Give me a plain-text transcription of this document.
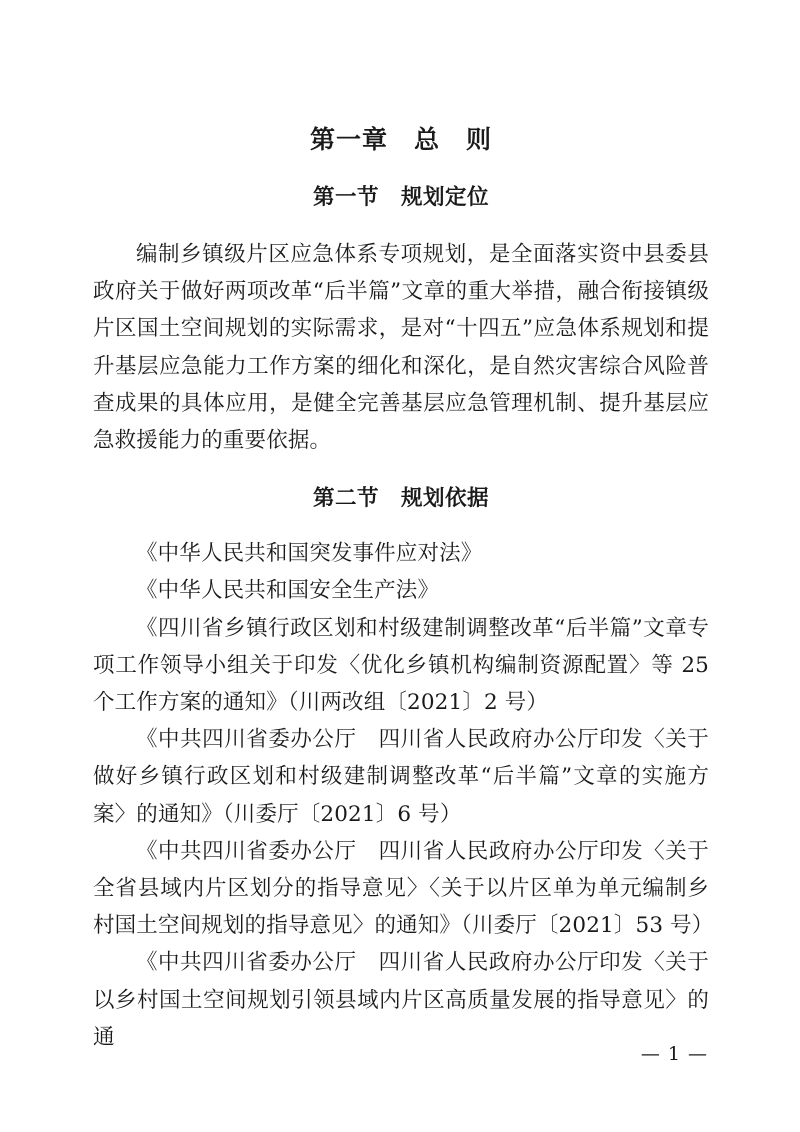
第一章　总　则
第一节　规划定位

编制乡镇级片区应急体系专项规划，是全面落实资中县委县政府关于做好两项改革“后半篇”文章的重大举措，融合衔接镇级片区国土空间规划的实际需求，是对“十四五”应急体系规划和提升基层应急能力工作方案的细化和深化，是自然灾害综合风险普查成果的具体应用，是健全完善基层应急管理机制、提升基层应急救援能力的重要依据。

第二节　规划依据

《中华人民共和国突发事件应对法》

《中华人民共和国安全生产法》

《四川省乡镇行政区划和村级建制调整改革“后半篇”文章专项工作领导小组关于印发〈优化乡镇机构编制资源配置〉等 25 个工作方案的通知》（川两改组〔2021〕2 号）

《中共四川省委办公厅　四川省人民政府办公厅印发〈关于做好乡镇行政区划和村级建制调整改革“后半篇”文章的实施方案〉的通知》（川委厅〔2021〕6 号）

《中共四川省委办公厅　四川省人民政府办公厅印发〈关于全省县域内片区划分的指导意见〉〈关于以片区单为单元编制乡村国土空间规划的指导意见〉的通知》（川委厅〔2021〕53 号）

《中共四川省委办公厅　四川省人民政府办公厅印发〈关于以乡村国土空间规划引领县域内片区高质量发展的指导意见〉的通

— 1 —
